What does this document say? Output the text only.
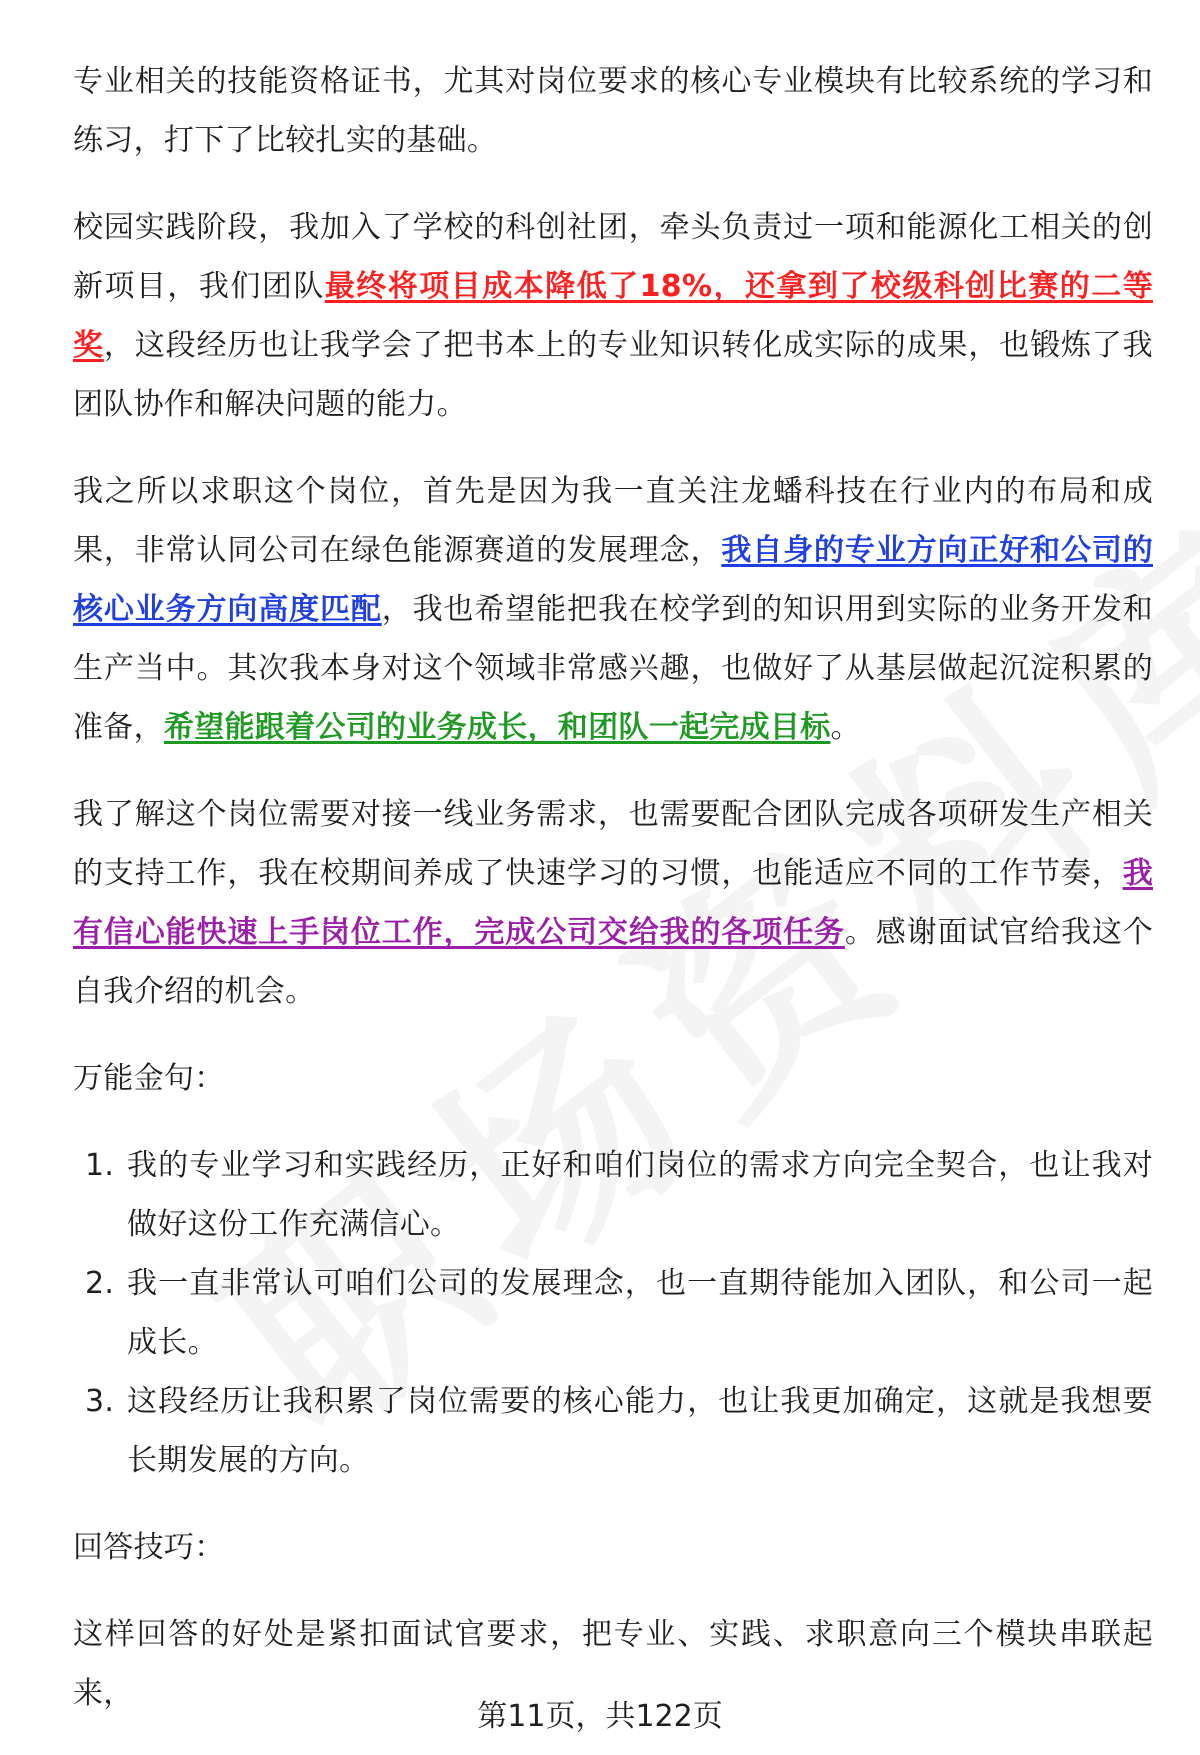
专业相关的技能资格证书，尤其对岗位要求的核心专业模块有比较系统的学习和练习，打下了比较扎实的基础。

校园实践阶段，我加入了学校的科创社团，牵头负责过一项和能源化工相关的创新项目，我们团队最终将项目成本降低了18%，还拿到了校级科创比赛的二等奖，这段经历也让我学会了把书本上的专业知识转化成实际的成果，也锻炼了我团队协作和解决问题的能力。

我之所以求职这个岗位，首先是因为我一直关注龙蟠科技在行业内的布局和成果，非常认同公司在绿色能源赛道的发展理念，我自身的专业方向正好和公司的核心业务方向高度匹配，我也希望能把我在校学到的知识用到实际的业务开发和生产当中。其次我本身对这个领域非常感兴趣，也做好了从基层做起沉淀积累的准备，希望能跟着公司的业务成长，和团队一起完成目标。

我了解这个岗位需要对接一线业务需求，也需要配合团队完成各项研发生产相关的支持工作，我在校期间养成了快速学习的习惯，也能适应不同的工作节奏，我有信心能快速上手岗位工作，完成公司交给我的各项任务。感谢面试官给我这个自我介绍的机会。

万能金句：

1. 我的专业学习和实践经历，正好和咱们岗位的需求方向完全契合，也让我对做好这份工作充满信心。
2. 我一直非常认可咱们公司的发展理念，也一直期待能加入团队，和公司一起成长。
3. 这段经历让我积累了岗位需要的核心能力，也让我更加确定，这就是我想要长期发展的方向。

回答技巧：

这样回答的好处是紧扣面试官要求，把专业、实践、求职意向三个模块串联起来，

第11页，共122页
